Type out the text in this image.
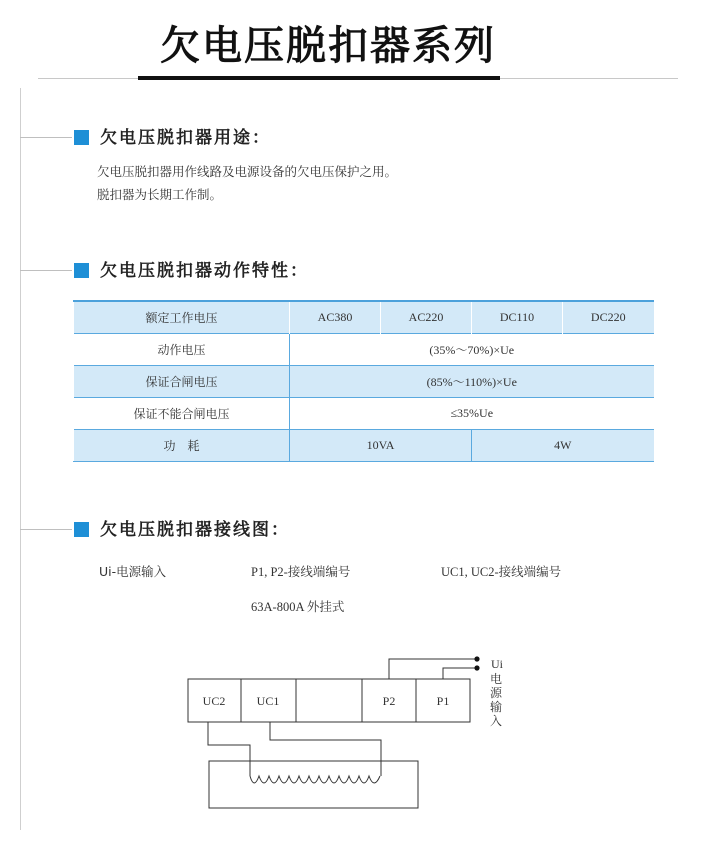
欠电压脱扣器系列
欠电压脱扣器用途：
欠电压脱扣器用作线路及电源设备的欠电压保护之用。
脱扣器为长期工作制。
欠电压脱扣器动作特性：
额定工作电压	AC380	AC220	DC110	DC220
动作电压	(35%～70%)×Ue			
保证合闸电压	(85%～110%)×Ue			
保证不能合闸电压	≤35%Ue			
功　耗	10VA		4W	
欠电压脱扣器接线图：
Ui-电源输入	P1, P2-接线端编号	UC1, UC2-接线端编号
63A-800A 外挂式
UC2	UC1	P2	P1
Ui
电
源
输
入
